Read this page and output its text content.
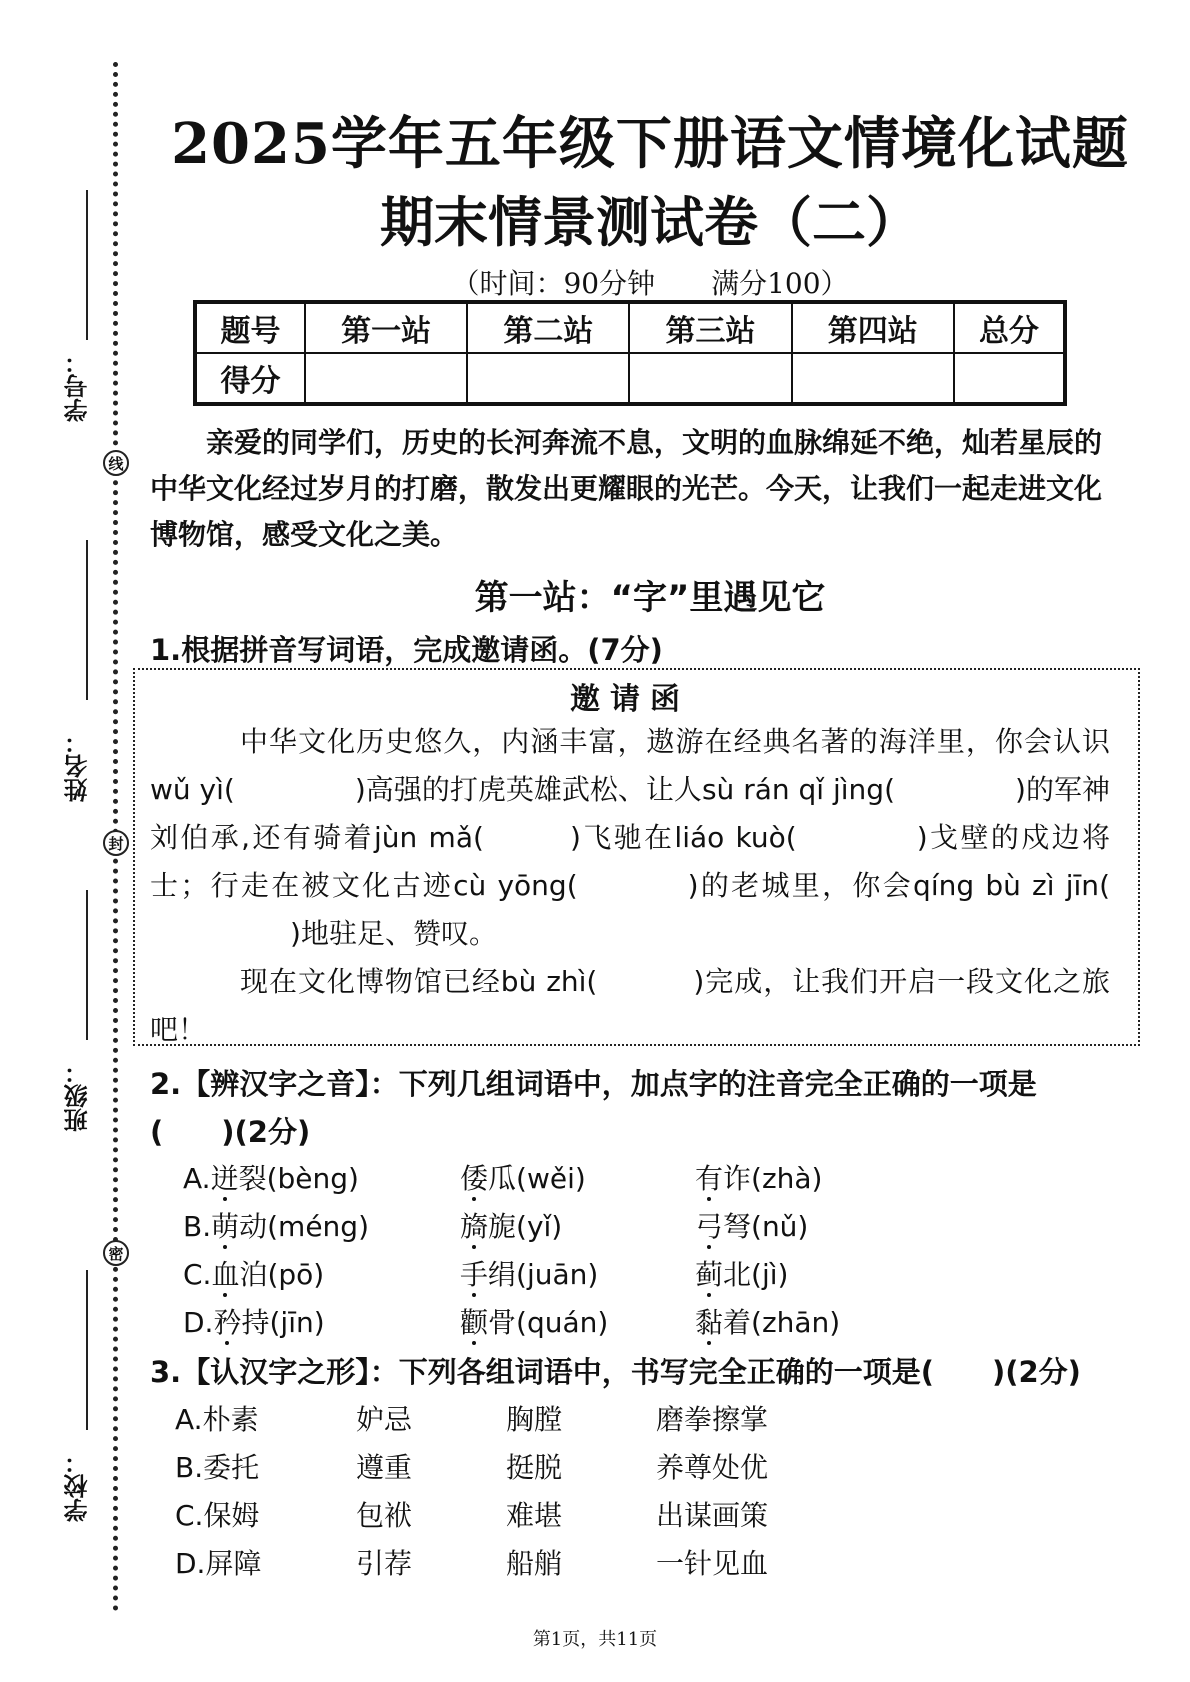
学号：
姓名：
班级：
学校：
线
封
密
2025学年五年级下册语文情境化试题
期末情景测试卷（二）
（时间：90分钟　　满分100）
题号	第一站	第二站	第三站	第四站	总分
得分					
亲爱的同学们，历史的长河奔流不息，文明的血脉绵延不绝，灿若星辰的中华文化经过岁月的打磨，散发出更耀眼的光芒。今天，让我们一起走进文化博物馆，感受文化之美。
第一站：“字”里遇见它
1.根据拼音写词语，完成邀请函。(7分)
邀请函

中华文化历史悠久，内涵丰富，遨游在经典名著的海洋里，你会认识wǔ yì(	)高强的打虎英雄武松、让人sù rán qǐ jìng(	)的军神刘伯承,还有骑着jùn mǎ(	)飞驰在liáo kuò(	)戈壁的戍边将士；行走在被文化古迹cù yōng(	)的老城里，你会qíng bù zì jīn()地驻足、赞叹。

现在文化博物馆已经bù zhì(	)完成，让我们开启一段文化之旅吧！

2.【辨汉字之音】：下列几组词语中，加点字的注音完全正确的一项是
(　　)(2分)
A.迸裂(bèng)	倭瓜(wěi)	有诈(zhà)
B.萌动(méng)	旖旎(yǐ)	弓弩(nǔ)
C.血泊(pō)	手绢(juān)	蓟北(jì)
D.矜持(jīn)	颧骨(quán)	黏着(zhān)
3.【认汉字之形】：下列各组词语中，书写完全正确的一项是(　　)(2分)
A.朴素	妒忌	胸膛	磨拳擦掌
B.委托	遵重	挺脱	养尊处优
C.保姆	包袱	难堪	出谋画策
D.屏障	引荐	船艄	一针见血
第1页，共11页
